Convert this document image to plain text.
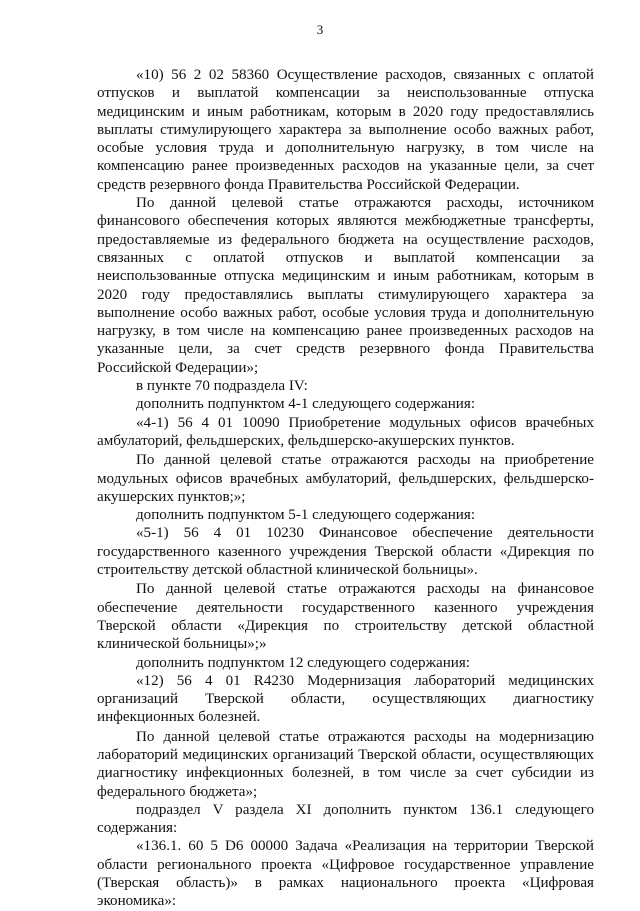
3

«10) 56 2 02 58360 Осуществление расходов, связанных с оплатой отпусков и выплатой компенсации за неиспользованные отпуска медицинским и иным работникам, которым в 2020 году предоставлялись выплаты стимулирующего характера за выполнение особо важных работ, особые условия труда и дополнительную нагрузку, в том числе на компенсацию ранее произведенных расходов на указанные цели, за счет средств резервного фонда Правительства Российской Федерации.

По данной целевой статье отражаются расходы, источником финансового обеспечения которых являются межбюджетные трансферты, предоставляемые из федерального бюджета на осуществление расходов, связанных с оплатой отпусков и выплатой компенсации за неиспользованные отпуска медицинским и иным работникам, которым в 2020 году предоставлялись выплаты стимулирующего характера за выполнение особо важных работ, особые условия труда и дополнительную нагрузку, в том числе на компенсацию ранее произведенных расходов на указанные цели, за счет средств резервного фонда Правительства Российской Федерации»;

в пункте 70 подраздела IV:

дополнить подпунктом 4-1 следующего содержания:

«4-1) 56 4 01 10090 Приобретение модульных офисов врачебных амбулаторий, фельдшерских, фельдшерско-акушерских пунктов.

По данной целевой статье отражаются расходы на приобретение модульных офисов врачебных амбулаторий, фельдшерских, фельдшерско-акушерских пунктов;»;

дополнить подпунктом 5-1 следующего содержания:

«5-1) 56 4 01 10230 Финансовое обеспечение деятельности государственного казенного учреждения Тверской области «Дирекция по строительству детской областной клинической больницы».

По данной целевой статье отражаются расходы на финансовое обеспечение деятельности государственного казенного учреждения Тверской области «Дирекция по строительству детской областной клинической больницы»;»

дополнить подпунктом 12 следующего содержания:

«12) 56 4 01 R4230 Модернизация лабораторий медицинских организаций Тверской области, осуществляющих диагностику инфекционных болезней.

По данной целевой статье отражаются расходы на модернизацию лабораторий медицинских организаций Тверской области, осуществляющих диагностику инфекционных болезней, в том числе за счет субсидии из федерального бюджета»;

подраздел V раздела XI дополнить пунктом 136.1 следующего содержания:

«136.1. 60 5 D6 00000 Задача «Реализация на территории Тверской области регионального проекта «Цифровое государственное управление (Тверская область)» в рамках национального проекта «Цифровая экономика»:
